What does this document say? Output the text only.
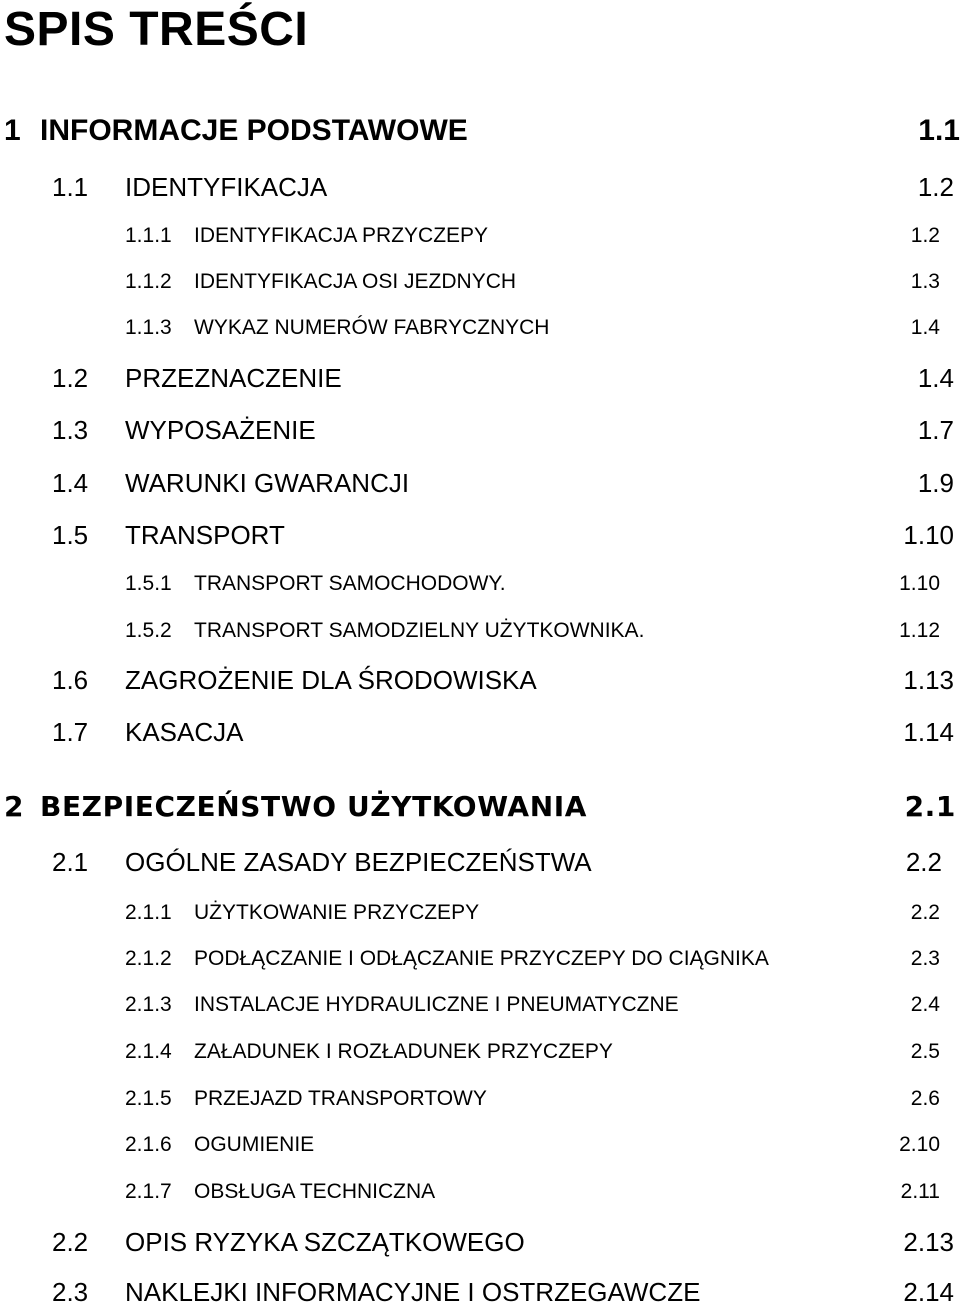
SPIS TREŚCI
1 INFORMACJE PODSTAWOWE	1.1
1.1 IDENTYFIKACJA	1.2
1.1.1 IDENTYFIKACJA PRZYCZEPY	1.2
1.1.2 IDENTYFIKACJA OSI JEZDNYCH	1.3
1.1.3 WYKAZ NUMERÓW FABRYCZNYCH	1.4
1.2 PRZEZNACZENIE	1.4
1.3 WYPOSAŻENIE	1.7
1.4 WARUNKI GWARANCJI	1.9
1.5 TRANSPORT	1.10
1.5.1 TRANSPORT SAMOCHODOWY.	1.10
1.5.2 TRANSPORT SAMODZIELNY UŻYTKOWNIKA.	1.12
1.6 ZAGROŻENIE DLA ŚRODOWISKA	1.13
1.7 KASACJA	1.14
2 BEZPIECZEŃSTWO UŻYTKOWANIA	2.1
2.1 OGÓLNE ZASADY BEZPIECZEŃSTWA	2.2
2.1.1 UŻYTKOWANIE PRZYCZEPY	2.2
2.1.2 PODŁĄCZANIE I ODŁĄCZANIE PRZYCZEPY DO CIĄGNIKA	2.3
2.1.3 INSTALACJE HYDRAULICZNE I PNEUMATYCZNE	2.4
2.1.4 ZAŁADUNEK I ROZŁADUNEK PRZYCZEPY	2.5
2.1.5 PRZEJAZD TRANSPORTOWY	2.6
2.1.6 OGUMIENIE	2.10
2.1.7 OBSŁUGA TECHNICZNA	2.11
2.2 OPIS RYZYKA SZCZĄTKOWEGO	2.13
2.3 NAKLEJKI INFORMACYJNE I OSTRZEGAWCZE	2.14
